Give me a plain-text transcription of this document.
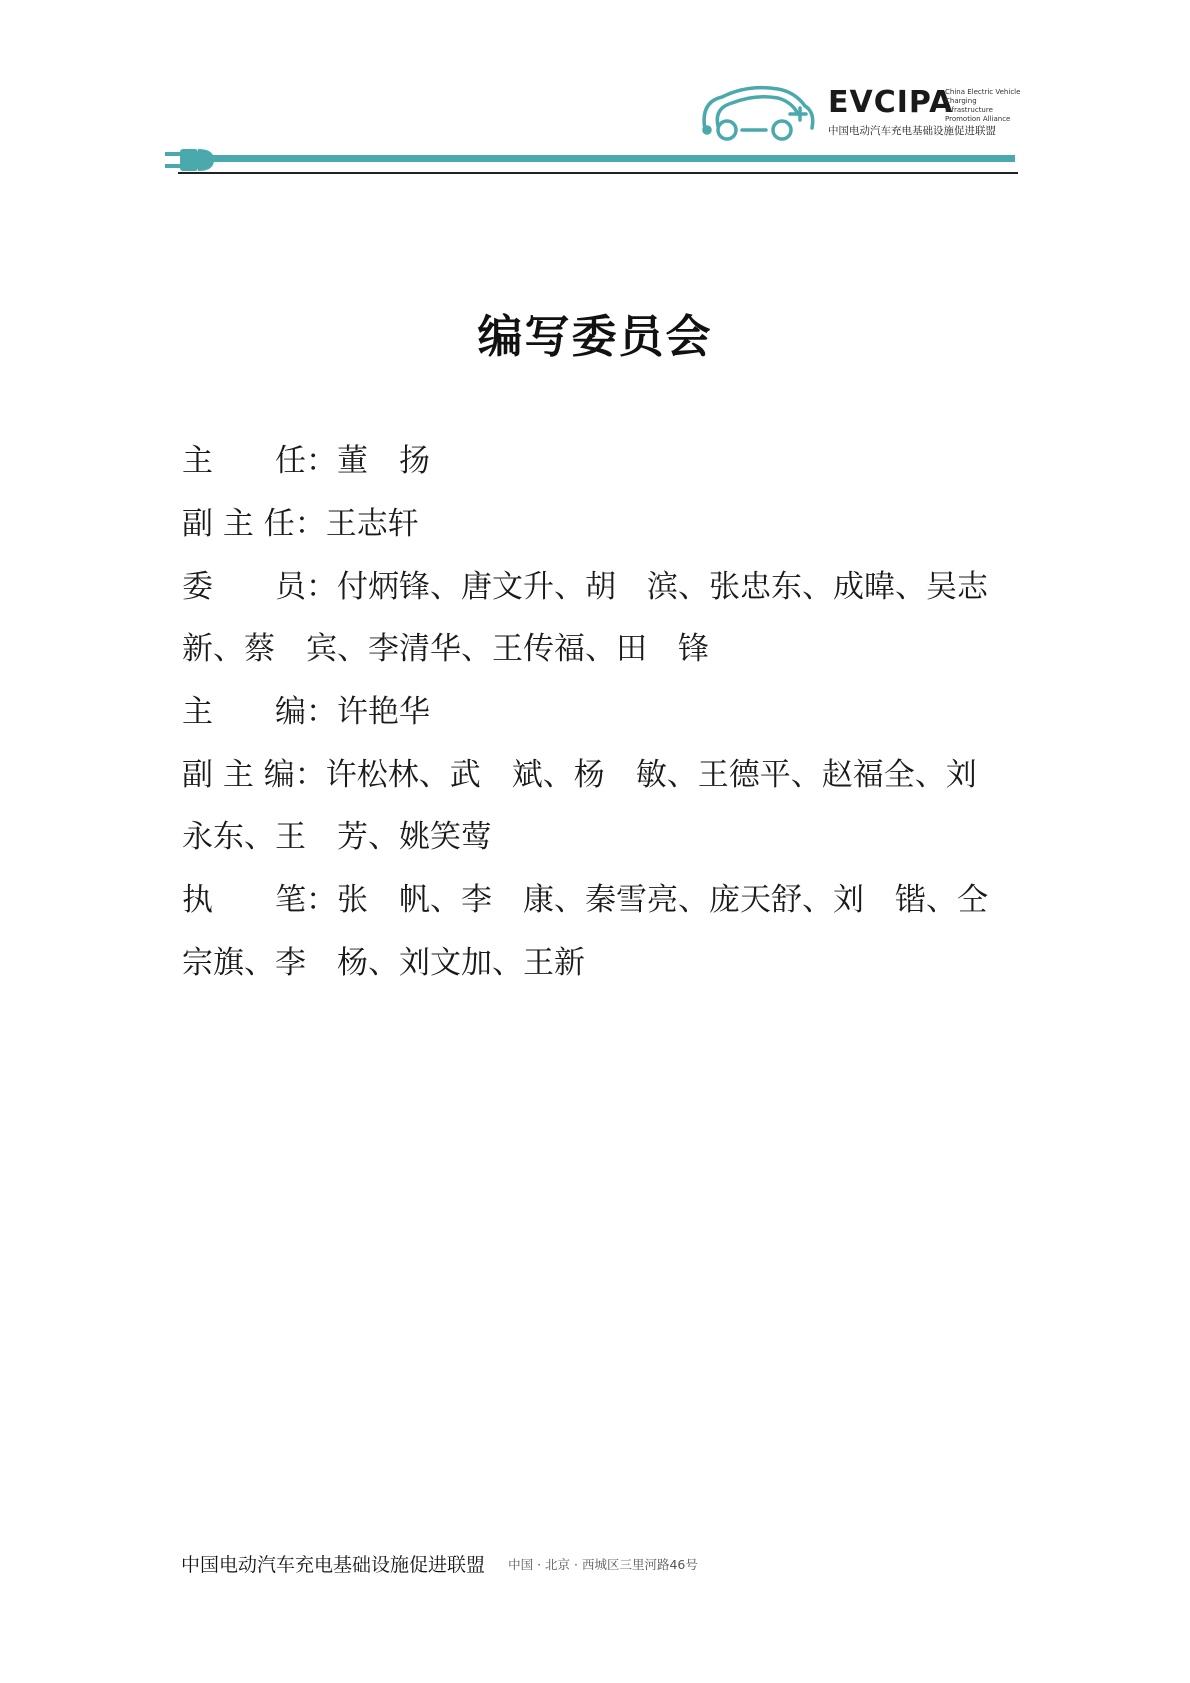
EVCIPA
China Electric Vehicle
Charging Infrastructure
Promotion Alliance
中国电动汽车充电基础设施促进联盟
编写委员会
主　　任：董　扬
副 主 任：王志轩
委　　员：付炳锋、唐文升、胡　滨、张忠东、成暐、吴志
新、蔡　宾、李清华、王传福、田　锋
主　　编：许艳华
副 主 编：许松林、武　斌、杨　敏、王德平、赵福全、刘
永东、王　芳、姚笑莺
执　　笔：张　帆、李　康、秦雪亮、庞天舒、刘　锴、仝
宗旗、李　杨、刘文加、王新
中国电动汽车充电基础设施促进联盟 中国 · 北京 · 西城区三里河路46号
